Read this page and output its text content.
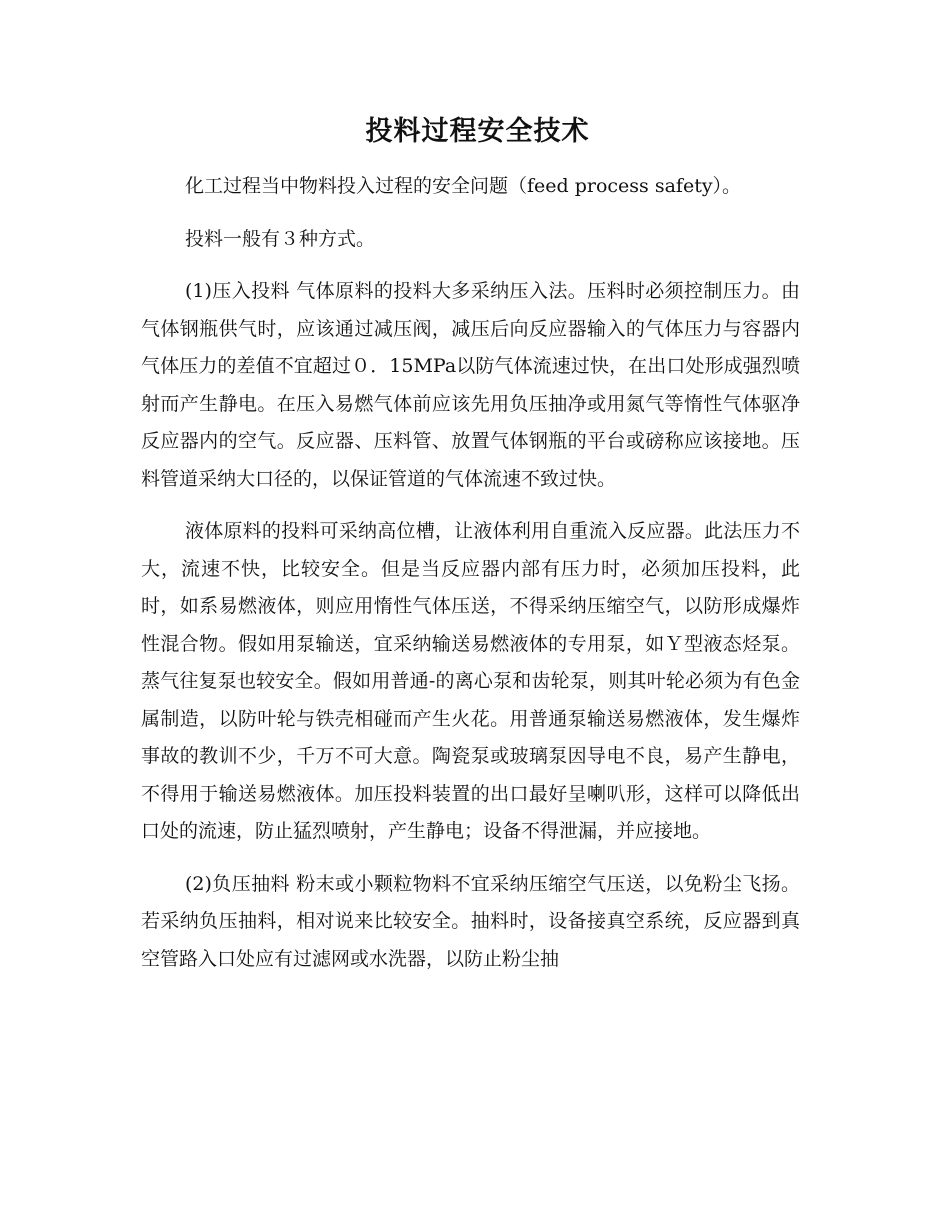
投料过程安全技术

化工过程当中物料投入过程的安全问题（feed process safety）。

投料一般有３种方式。

(1)压入投料 气体原料的投料大多采纳压入法。压料时必须控制压力。由气体钢瓶供气时，应该通过减压阀，减压后向反应器输入的气体压力与容器内气体压力的差值不宜超过０．15MPa以防气体流速过快，在出口处形成强烈喷射而产生静电。在压入易燃气体前应该先用负压抽净或用氮气等惰性气体驱净反应器内的空气。反应器、压料管、放置气体钢瓶的平台或磅称应该接地。压料管道采纳大口径的，以保证管道的气体流速不致过快。

液体原料的投料可采纳高位槽，让液体利用自重流入反应器。此法压力不大，流速不快，比较安全。但是当反应器内部有压力时，必须加压投料，此时，如系易燃液体，则应用惰性气体压送，不得采纳压缩空气，以防形成爆炸性混合物。假如用泵输送，宜采纳输送易燃液体的专用泵，如Ｙ型液态烃泵。蒸气往复泵也较安全。假如用普通-的离心泵和齿轮泵，则其叶轮必须为有色金属制造，以防叶轮与铁壳相碰而产生火花。用普通泵输送易燃液体，发生爆炸事故的教训不少，千万不可大意。陶瓷泵或玻璃泵因导电不良，易产生静电，不得用于输送易燃液体。加压投料装置的出口最好呈喇叭形，这样可以降低出口处的流速，防止猛烈喷射，产生静电；设备不得泄漏，并应接地。

(2)负压抽料 粉末或小颗粒物料不宜采纳压缩空气压送，以免粉尘飞扬。若采纳负压抽料，相对说来比较安全。抽料时，设备接真空系统，反应器到真空管路入口处应有过滤网或水洗器，以防止粉尘抽
